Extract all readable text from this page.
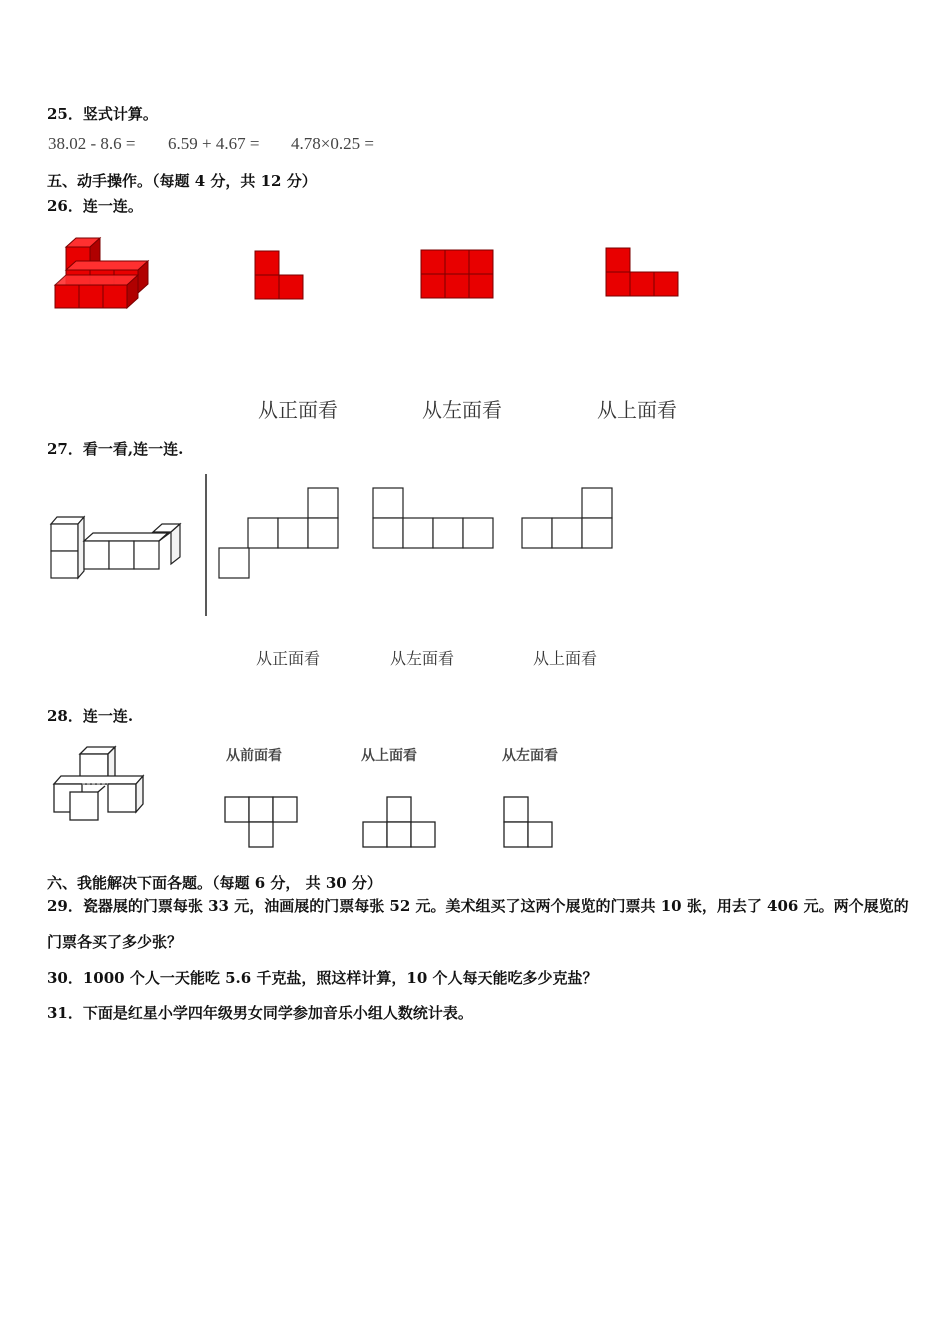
25．竖式计算。
38.02 - 8.6 = 6.59 + 4.67 = 4.78×0.25 =
五、动手操作。（每题 4 分，共 12 分）
26．连一连。
从正面看	从左面看	从上面看
27．看一看,连一连.
从正面看	从左面看	从上面看
28．连一连.
从前面看	从上面看	从左面看
六、我能解决下面各题。（每题 6 分， 共 30 分）
29．瓷器展的门票每张 33 元，油画展的门票每张 52 元。美术组买了这两个展览的门票共 10 张，用去了 406 元。两个展览的门票各买了多少张？
30．1000 个人一天能吃 5.6 千克盐，照这样计算，10 个人每天能吃多少克盐？
31．下面是红星小学四年级男女同学参加音乐小组人数统计表。
